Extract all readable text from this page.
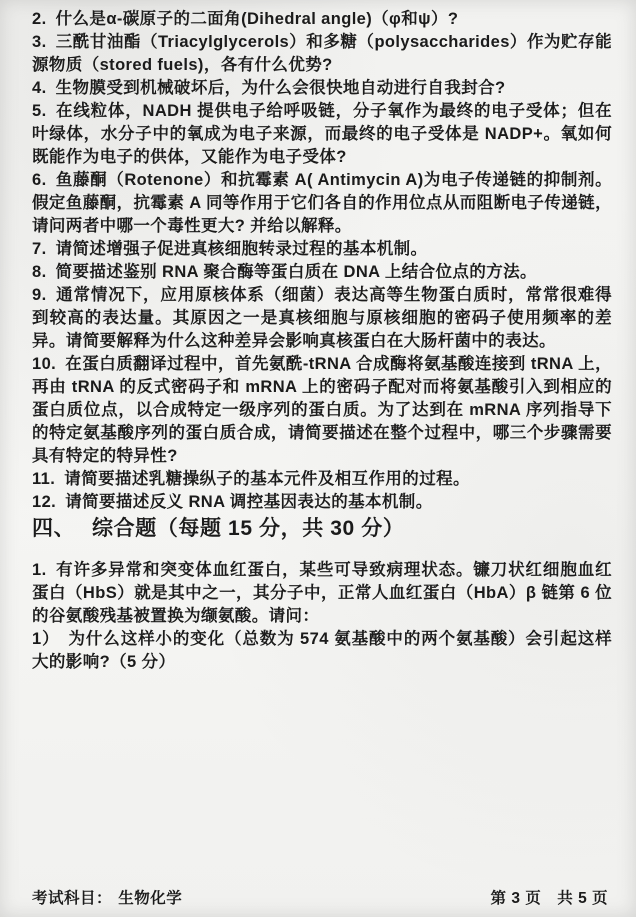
2. 什么是α-碳原子的二面角(Dihedral angle)（φ和ψ）?

3. 三酰甘油酯（Triacylglycerols）和多糖（polysaccharides）作为贮存能源物质（stored fuels)，各有什么优势?

4. 生物膜受到机械破坏后，为什么会很快地自动进行自我封合?

5. 在线粒体，NADH 提供电子给呼吸链，分子氧作为最终的电子受体；但在叶绿体，水分子中的氧成为电子来源，而最终的电子受体是 NADP+。氧如何既能作为电子的供体，又能作为电子受体?

6. 鱼藤酮（Rotenone）和抗霉素 A( Antimycin A)为电子传递链的抑制剂。假定鱼藤酮，抗霉素 A 同等作用于它们各自的作用位点从而阻断电子传递链，请问两者中哪一个毒性更大? 并给以解释。

7. 请简述增强子促进真核细胞转录过程的基本机制。

8. 简要描述鉴别 RNA 聚合酶等蛋白质在 DNA 上结合位点的方法。

9. 通常情况下，应用原核体系（细菌）表达高等生物蛋白质时，常常很难得到较高的表达量。其原因之一是真核细胞与原核细胞的密码子使用频率的差异。请简要解释为什么这种差异会影响真核蛋白在大肠杆菌中的表达。

10. 在蛋白质翻译过程中，首先氨酰-tRNA 合成酶将氨基酸连接到 tRNA 上，再由 tRNA 的反式密码子和 mRNA 上的密码子配对而将氨基酸引入到相应的蛋白质位点，以合成特定一级序列的蛋白质。为了达到在 mRNA 序列指导下的特定氨基酸序列的蛋白质合成，请简要描述在整个过程中，哪三个步骤需要具有特定的特异性?

11. 请简要描述乳糖操纵子的基本元件及相互作用的过程。

12. 请简要描述反义 RNA 调控基因表达的基本机制。

四、 综合题（每题 15 分，共 30 分）

1. 有许多异常和突变体血红蛋白，某些可导致病理状态。镰刀状红细胞血红蛋白（HbS）就是其中之一，其分子中，正常人血红蛋白（HbA）β 链第 6 位的谷氨酸残基被置换为缬氨酸。请问：

1） 为什么这样小的变化（总数为 574 氨基酸中的两个氨基酸）会引起这样大的影响?（5 分）

考试科目： 生物化学	第 3 页　共 5 页
